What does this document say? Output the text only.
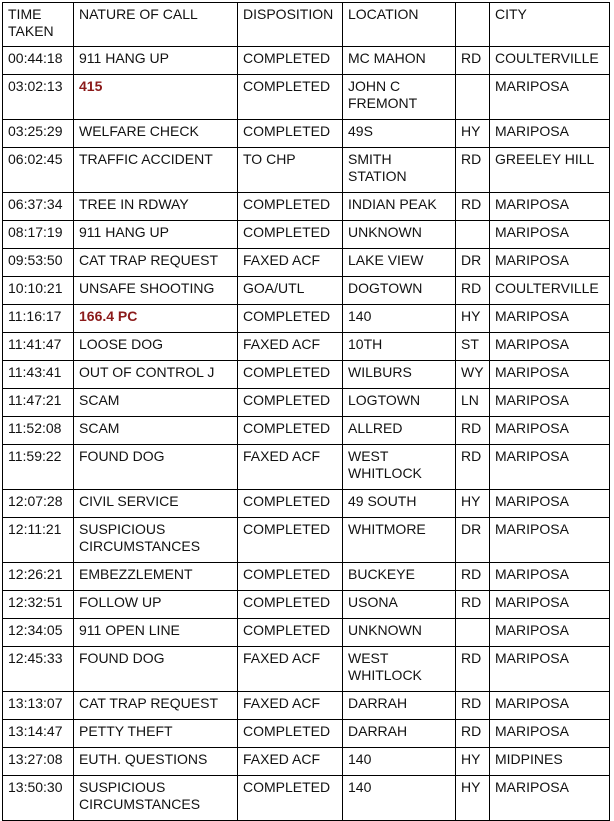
TIME TAKEN	NATURE OF CALL	DISPOSITION	LOCATION		CITY
00:44:18	911 HANG UP	COMPLETED	MC MAHON	RD	COULTERVILLE
03:02:13	415	COMPLETED	JOHN C FREMONT		MARIPOSA
03:25:29	WELFARE CHECK	COMPLETED	49S	HY	MARIPOSA
06:02:45	TRAFFIC ACCIDENT	TO CHP	SMITH STATION	RD	GREELEY HILL
06:37:34	TREE IN RDWAY	COMPLETED	INDIAN PEAK	RD	MARIPOSA
08:17:19	911 HANG UP	COMPLETED	UNKNOWN		MARIPOSA
09:53:50	CAT TRAP REQUEST	FAXED ACF	LAKE VIEW	DR	MARIPOSA
10:10:21	UNSAFE SHOOTING	GOA/UTL	DOGTOWN	RD	COULTERVILLE
11:16:17	166.4 PC	COMPLETED	140	HY	MARIPOSA
11:41:47	LOOSE DOG	FAXED ACF	10TH	ST	MARIPOSA
11:43:41	OUT OF CONTROL J	COMPLETED	WILBURS	WY	MARIPOSA
11:47:21	SCAM	COMPLETED	LOGTOWN	LN	MARIPOSA
11:52:08	SCAM	COMPLETED	ALLRED	RD	MARIPOSA
11:59:22	FOUND DOG	FAXED ACF	WEST WHITLOCK	RD	MARIPOSA
12:07:28	CIVIL SERVICE	COMPLETED	49 SOUTH	HY	MARIPOSA
12:11:21	SUSPICIOUS CIRCUMSTANCES	COMPLETED	WHITMORE	DR	MARIPOSA
12:26:21	EMBEZZLEMENT	COMPLETED	BUCKEYE	RD	MARIPOSA
12:32:51	FOLLOW UP	COMPLETED	USONA	RD	MARIPOSA
12:34:05	911 OPEN LINE	COMPLETED	UNKNOWN		MARIPOSA
12:45:33	FOUND DOG	FAXED ACF	WEST WHITLOCK	RD	MARIPOSA
13:13:07	CAT TRAP REQUEST	FAXED ACF	DARRAH	RD	MARIPOSA
13:14:47	PETTY THEFT	COMPLETED	DARRAH	RD	MARIPOSA
13:27:08	EUTH. QUESTIONS	FAXED ACF	140	HY	MIDPINES
13:50:30	SUSPICIOUS CIRCUMSTANCES	COMPLETED	140	HY	MARIPOSA
